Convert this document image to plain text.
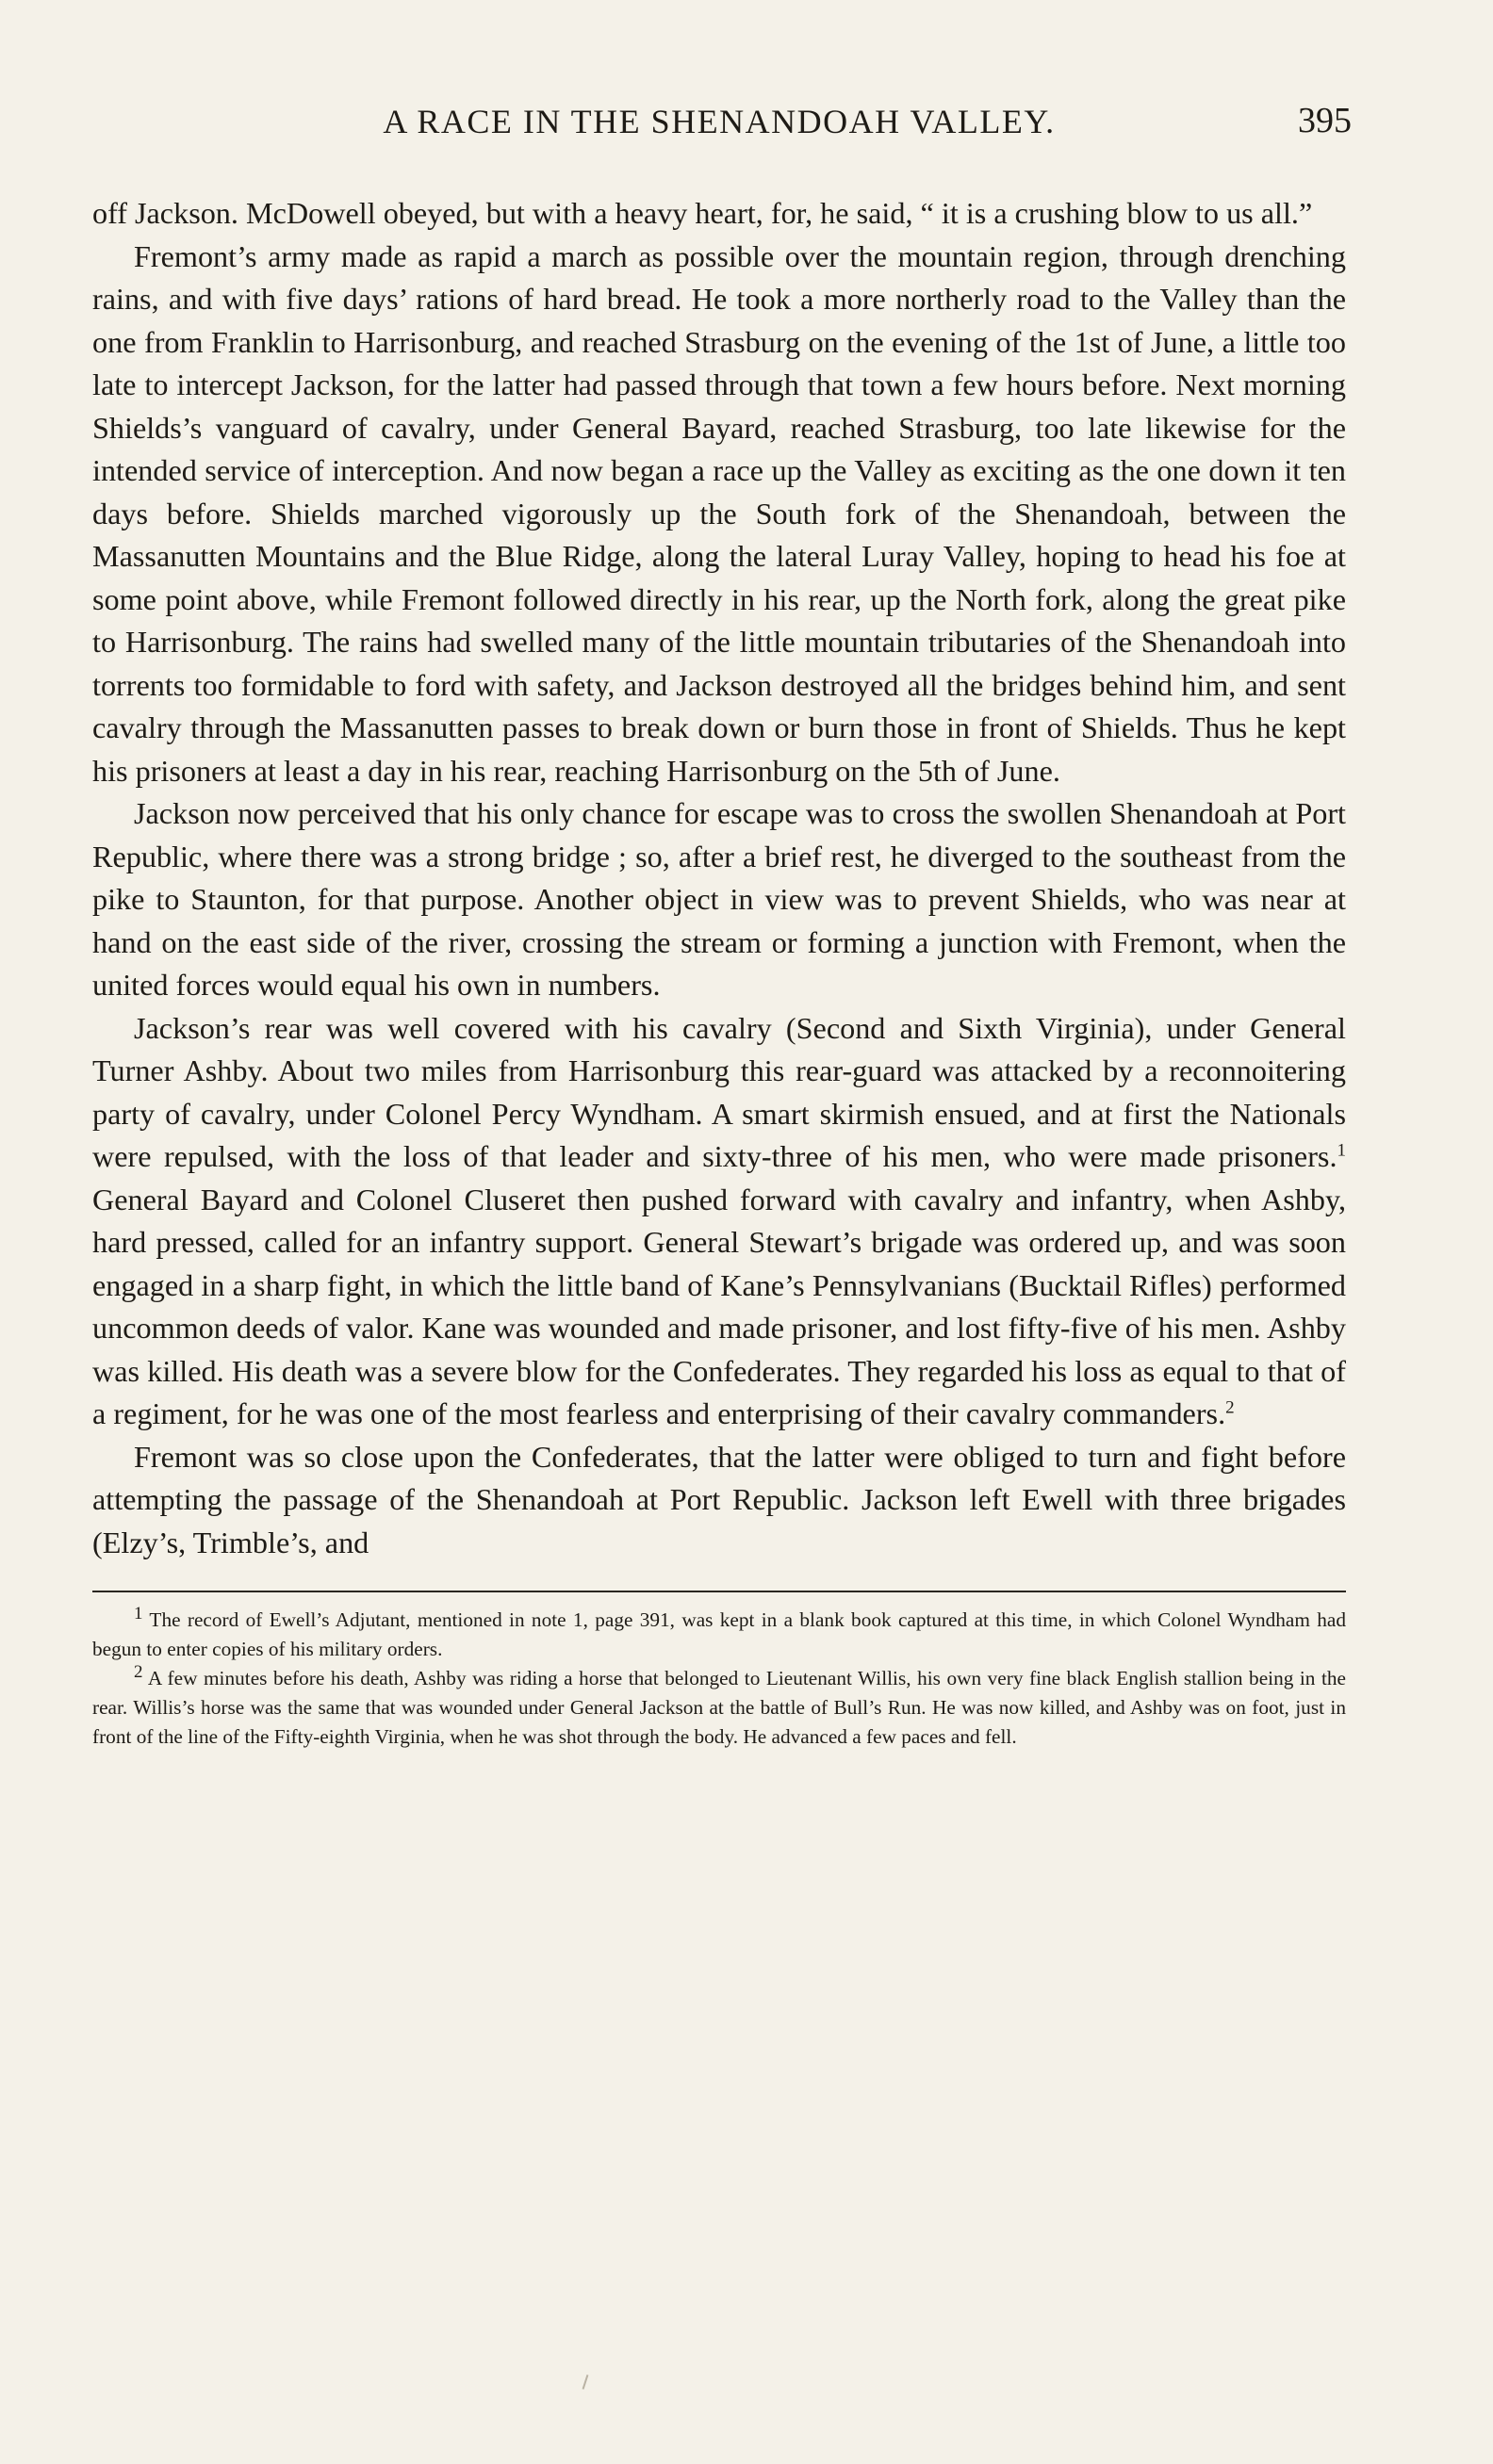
A RACE IN THE SHENANDOAH VALLEY.	395

off Jackson. McDowell obeyed, but with a heavy heart, for, he said, “ it is a crushing blow to us all.”

Fremont’s army made as rapid a march as possible over the mountain region, through drenching rains, and with five days’ rations of hard bread. He took a more northerly road to the Valley than the one from Franklin to Harrisonburg, and reached Strasburg on the evening of the 1st of June, a little too late to intercept Jackson, for the latter had passed through that town a few hours before. Next morning Shields’s vanguard of cavalry, under General Bayard, reached Strasburg, too late likewise for the intended service of interception. And now began a race up the Valley as exciting as the one down it ten days before. Shields marched vigorously up the South fork of the Shenandoah, between the Massanutten Mountains and the Blue Ridge, along the lateral Luray Valley, hoping to head his foe at some point above, while Fremont followed directly in his rear, up the North fork, along the great pike to Harrisonburg. The rains had swelled many of the little mountain tributaries of the Shenandoah into torrents too formidable to ford with safety, and Jackson destroyed all the bridges behind him, and sent cavalry through the Massanutten passes to break down or burn those in front of Shields. Thus he kept his prisoners at least a day in his rear, reaching Harrisonburg on the 5th of June.

Jackson now perceived that his only chance for escape was to cross the swollen Shenandoah at Port Republic, where there was a strong bridge ; so, after a brief rest, he diverged to the southeast from the pike to Staunton, for that purpose. Another object in view was to prevent Shields, who was near at hand on the east side of the river, crossing the stream or forming a junction with Fremont, when the united forces would equal his own in numbers.

Jackson’s rear was well covered with his cavalry (Second and Sixth Virginia), under General Turner Ashby. About two miles from Harrisonburg this rear-guard was attacked by a reconnoitering party of cavalry, under Colonel Percy Wyndham. A smart skirmish ensued, and at first the Nationals were repulsed, with the loss of that leader and sixty-three of his men, who were made prisoners.$^1$ General Bayard and Colonel Cluseret then pushed forward with cavalry and infantry, when Ashby, hard pressed, called for an infantry support. General Stewart’s brigade was ordered up, and was soon engaged in a sharp fight, in which the little band of Kane’s Pennsylvanians (Bucktail Rifles) performed uncommon deeds of valor. Kane was wounded and made prisoner, and lost fifty-five of his men. Ashby was killed. His death was a severe blow for the Confederates. They regarded his loss as equal to that of a regiment, for he was one of the most fearless and enterprising of their cavalry commanders.$^2$

Fremont was so close upon the Confederates, that the latter were obliged to turn and fight before attempting the passage of the Shenandoah at Port Republic. Jackson left Ewell with three brigades (Elzy’s, Trimble’s, and

$^1$ The record of Ewell’s Adjutant, mentioned in note 1, page 391, was kept in a blank book captured at this time, in which Colonel Wyndham had begun to enter copies of his military orders.

$^2$ A few minutes before his death, Ashby was riding a horse that belonged to Lieutenant Willis, his own very fine black English stallion being in the rear. Willis’s horse was the same that was wounded under General Jackson at the battle of Bull’s Run. He was now killed, and Ashby was on foot, just in front of the line of the Fifty-eighth Virginia, when he was shot through the body. He advanced a few paces and fell.
